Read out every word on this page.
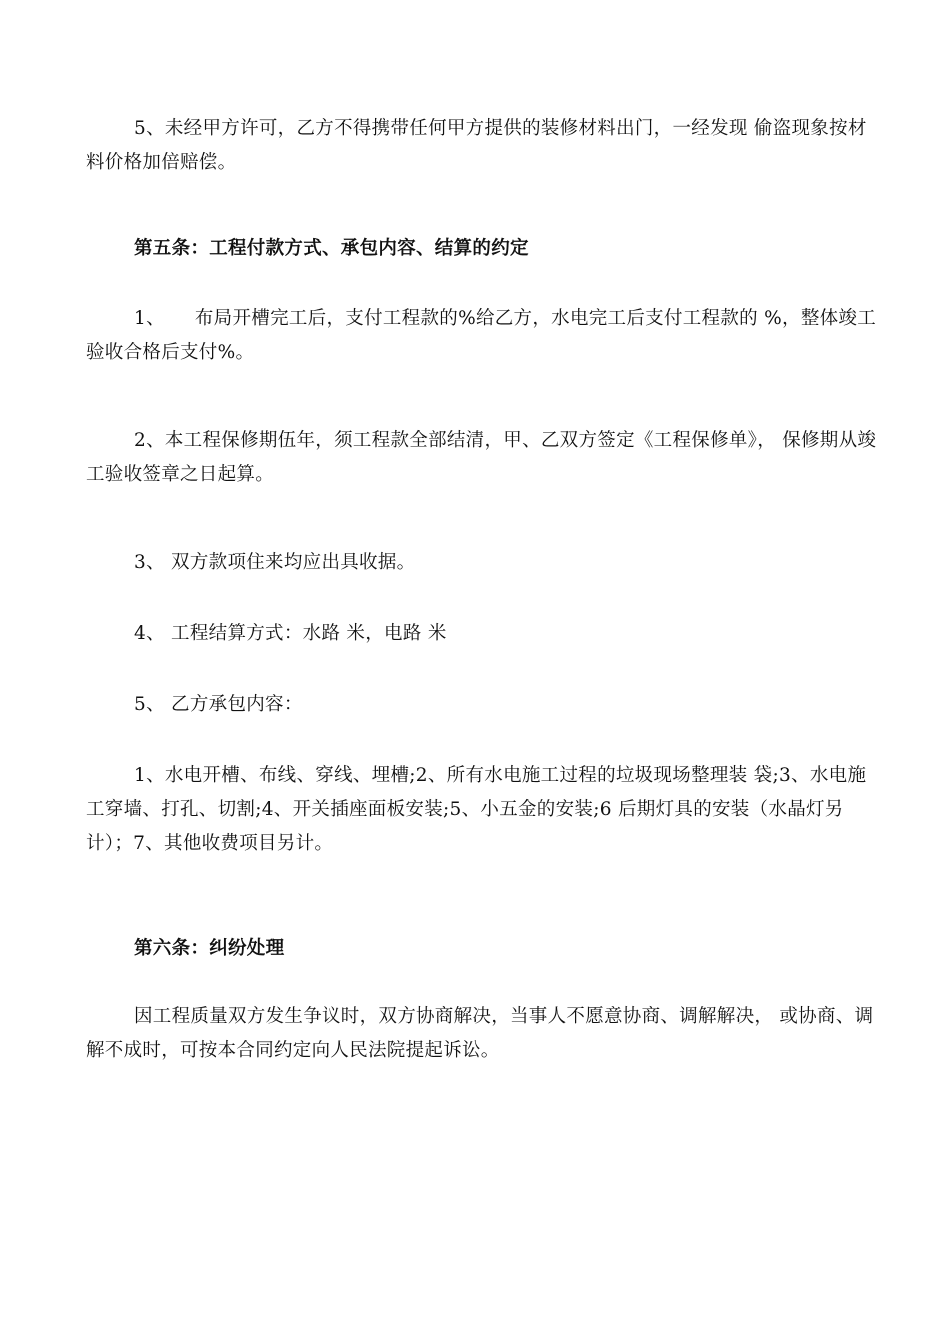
5、未经甲方许可，乙方不得携带任何甲方提供的装修材料出门，一经发现 偷盗现象按材料价格加倍赔偿。

第五条：工程付款方式、承包内容、结算的约定

1、 布局开槽完工后，支付工程款的%给乙方，水电完工后支付工程款的 %，整体竣工验收合格后支付%。

2、本工程保修期伍年，须工程款全部结清，甲、乙双方签定《工程保修单》， 保修期从竣工验收签章之日起算。

3、 双方款项住来均应出具收据。

4、 工程结算方式：水路 米，电路 米

5、 乙方承包内容：

1、水电开槽、布线、穿线、埋槽;2、所有水电施工过程的垃圾现场整理装 袋;3、水电施工穿墙、打孔、切割;4、开关插座面板安装;5、小五金的安装;6 后期灯具的安装（水晶灯另计）；7、其他收费项目另计。

第六条：纠纷处理

因工程质量双方发生争议时，双方协商解决，当事人不愿意协商、调解解决， 或协商、调解不成时，可按本合同约定向人民法院提起诉讼。
